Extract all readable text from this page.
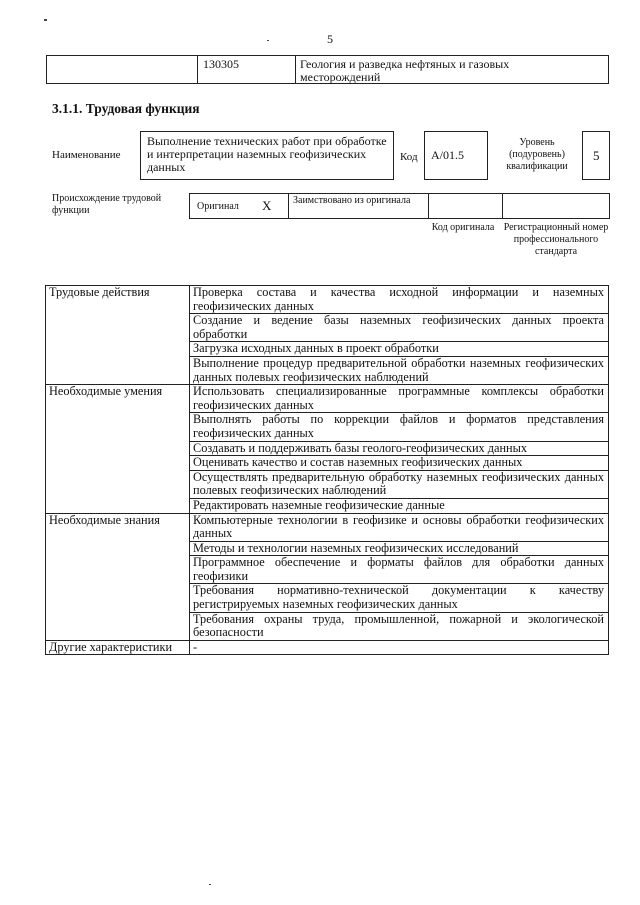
5
130305	Геология и разведка нефтяных и газовых месторождений
3.1.1. Трудовая функция
Наименование
Выполнение технических работ при обработке и интерпретации наземных геофизических данных
Код A/01.5
Уровень (подуровень) квалификации
5
Происхождение трудовой функции	Оригинал X Заимствовано из оригинала
Код оригинала Регистрационный номер профессионального стандарта
Трудовые действия	Проверка состава и качества исходной информации и наземных геофизических данных
	Создание и ведение базы наземных геофизических данных проекта обработки
	Загрузка исходных данных в проект обработки
	Выполнение процедур предварительной обработки наземных геофизических данных полевых геофизических наблюдений
Необходимые умения	Использовать специализированные программные комплексы обработки геофизических данных
	Выполнять работы по коррекции файлов и форматов представления геофизических данных
	Создавать и поддерживать базы геолого-геофизических данных
	Оценивать качество и состав наземных геофизических данных
	Осуществлять предварительную обработку наземных геофизических данных полевых геофизических наблюдений
	Редактировать наземные геофизические данные
Необходимые знания	Компьютерные технологии в геофизике и основы обработки геофизических данных
	Методы и технологии наземных геофизических исследований
	Программное обеспечение и форматы файлов для обработки данных геофизики
	Требования нормативно-технической документации к качеству регистрируемых наземных геофизических данных
	Требования охраны труда, промышленной, пожарной и экологической безопасности
Другие характеристики	-
